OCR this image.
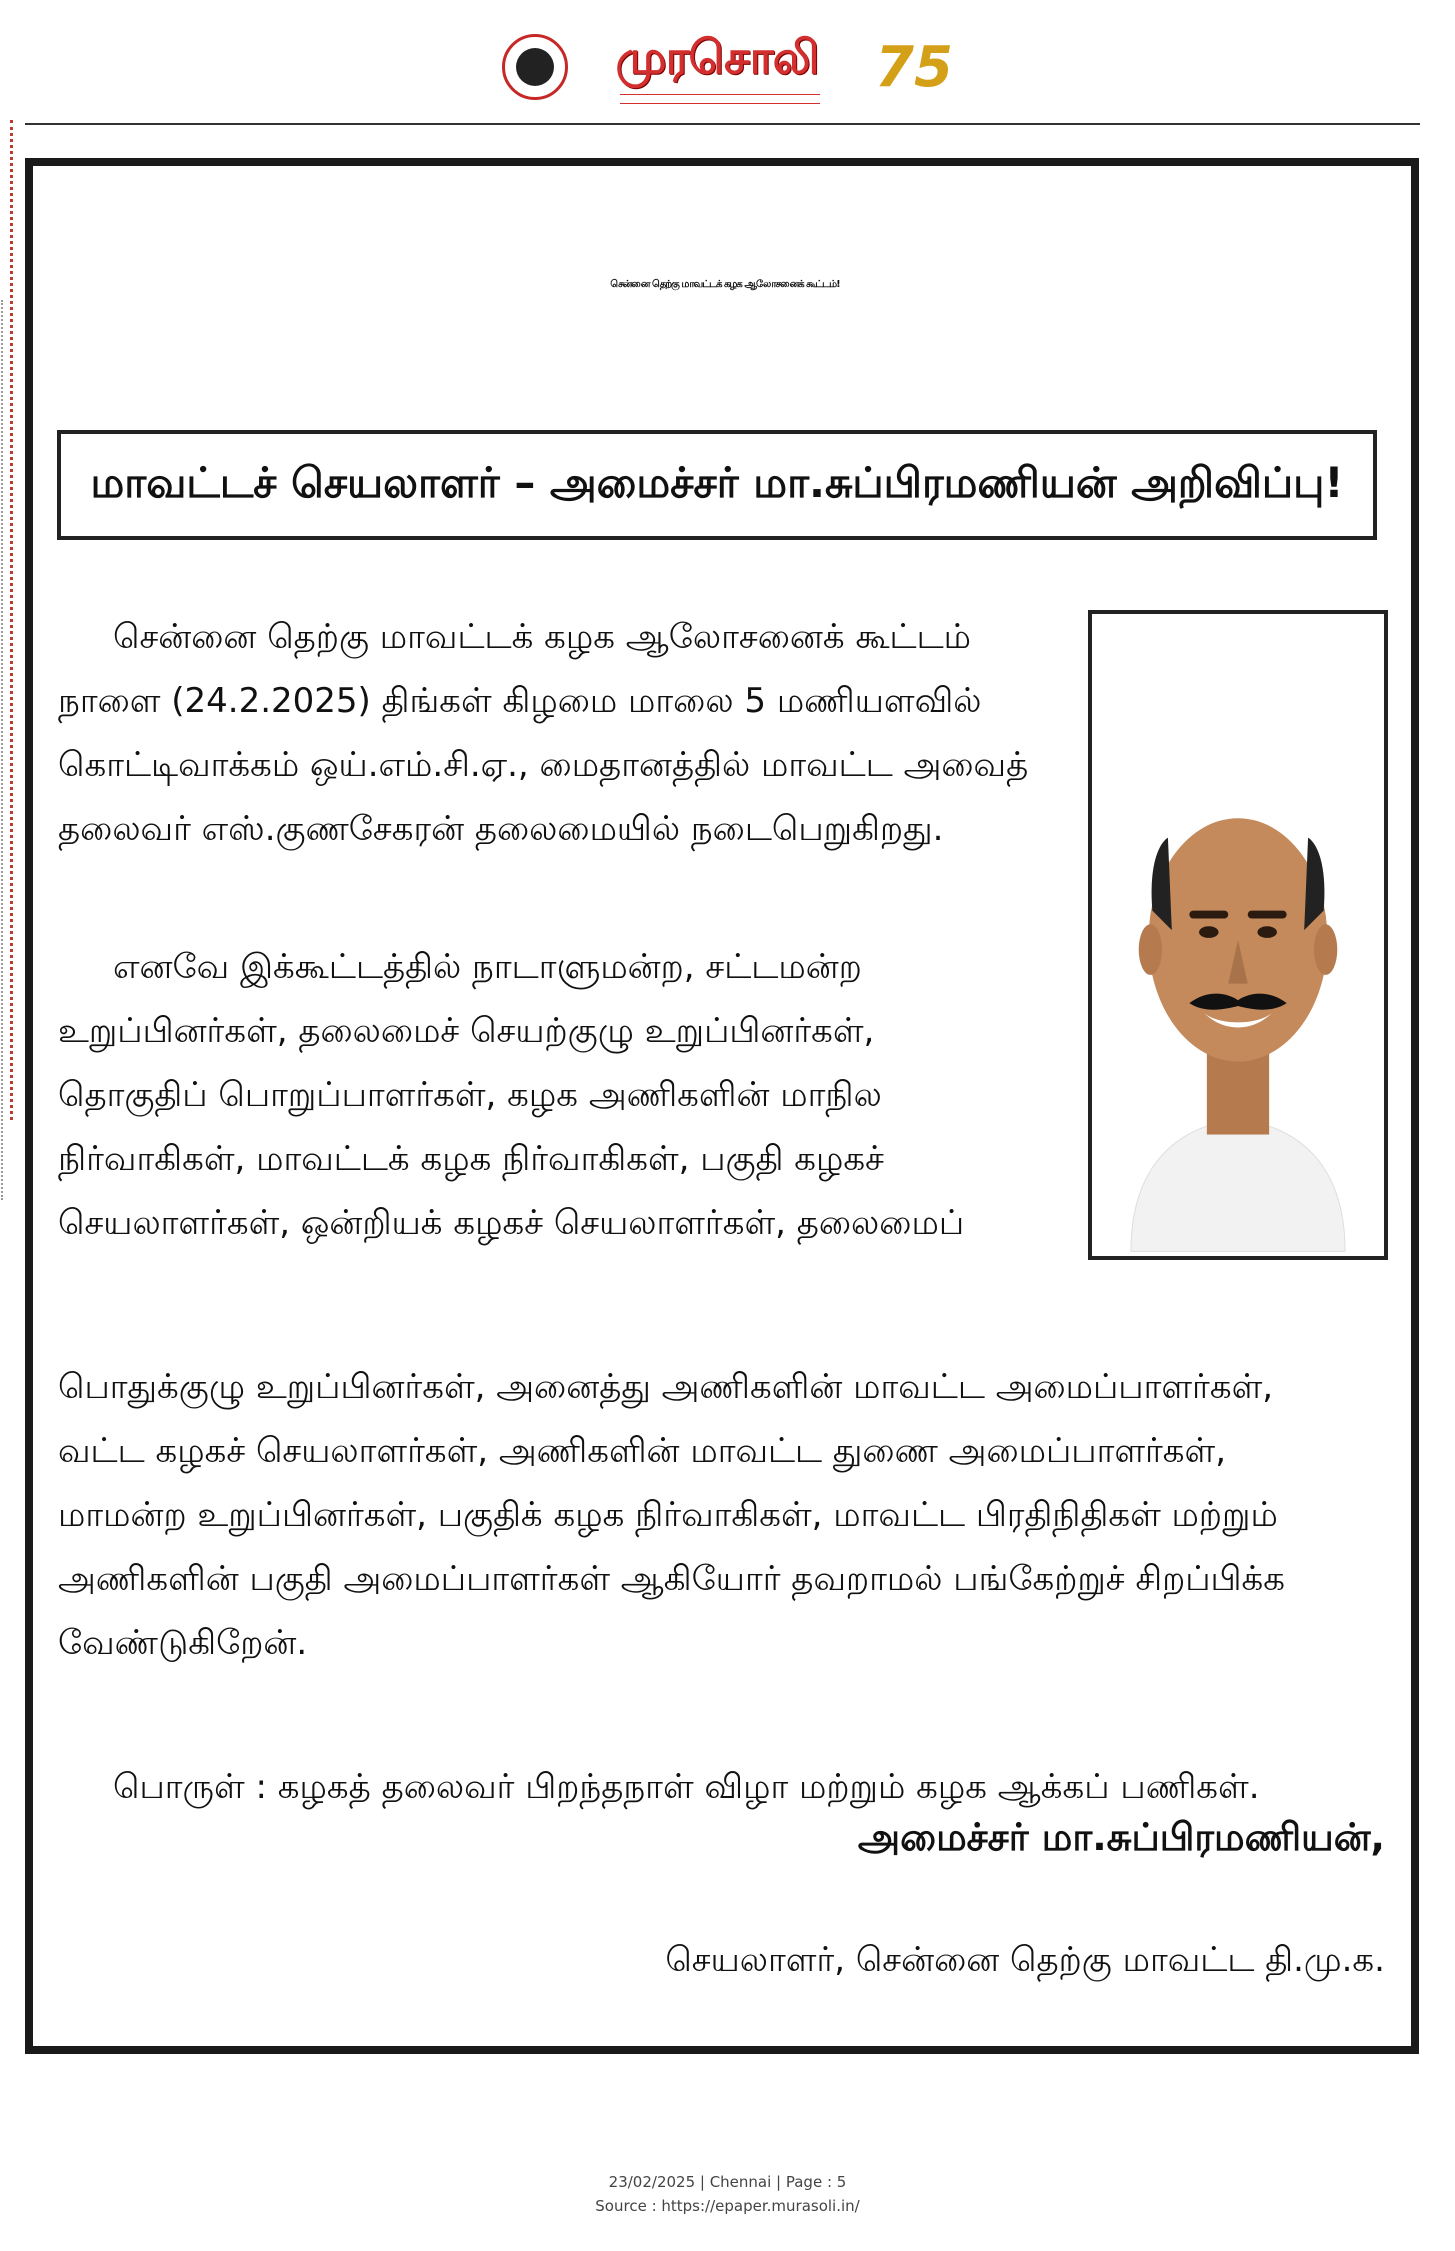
முரசொலி	75
சென்னை தெற்கு மாவட்டக் கழக ஆலோசனைக் கூட்டம்!
மாவட்டச் செயலாளர் – அமைச்சர் மா.சுப்பிரமணியன் அறிவிப்பு!
சென்னை தெற்கு மாவட்டக் கழக ஆலோசனைக் கூட்டம்
நாளை (24.2.2025) திங்கள் கிழமை மாலை 5 மணியளவில்
கொட்டிவாக்கம் ஒய்.எம்.சி.ஏ., மைதானத்தில் மாவட்ட அவைத்
தலைவர் எஸ்.குணசேகரன் தலைமையில் நடைபெறுகிறது.
எனவே இக்கூட்டத்தில் நாடாளுமன்ற, சட்டமன்ற
உறுப்பினர்கள், தலைமைச் செயற்குழு உறுப்பினர்கள்,
தொகுதிப் பொறுப்பாளர்கள், கழக அணிகளின் மாநில
நிர்வாகிகள், மாவட்டக் கழக நிர்வாகிகள், பகுதி கழகச்
செயலாளர்கள், ஒன்றியக் கழகச் செயலாளர்கள், தலைமைப்
பொதுக்குழு உறுப்பினர்கள், அனைத்து அணிகளின் மாவட்ட அமைப்பாளர்கள்,
வட்ட கழகச் செயலாளர்கள், அணிகளின் மாவட்ட துணை அமைப்பாளர்கள்,
மாமன்ற உறுப்பினர்கள், பகுதிக் கழக நிர்வாகிகள், மாவட்ட பிரதிநிதிகள் மற்றும்
அணிகளின் பகுதி அமைப்பாளர்கள் ஆகியோர் தவறாமல் பங்கேற்றுச் சிறப்பிக்க
வேண்டுகிறேன்.
பொருள் : கழகத் தலைவர் பிறந்தநாள் விழா மற்றும் கழக ஆக்கப் பணிகள்.
அமைச்சர் மா.சுப்பிரமணியன்,
செயலாளர், சென்னை தெற்கு மாவட்ட தி.மு.க.
23/02/2025 | Chennai | Page : 5
Source : https://epaper.murasoli.in/
